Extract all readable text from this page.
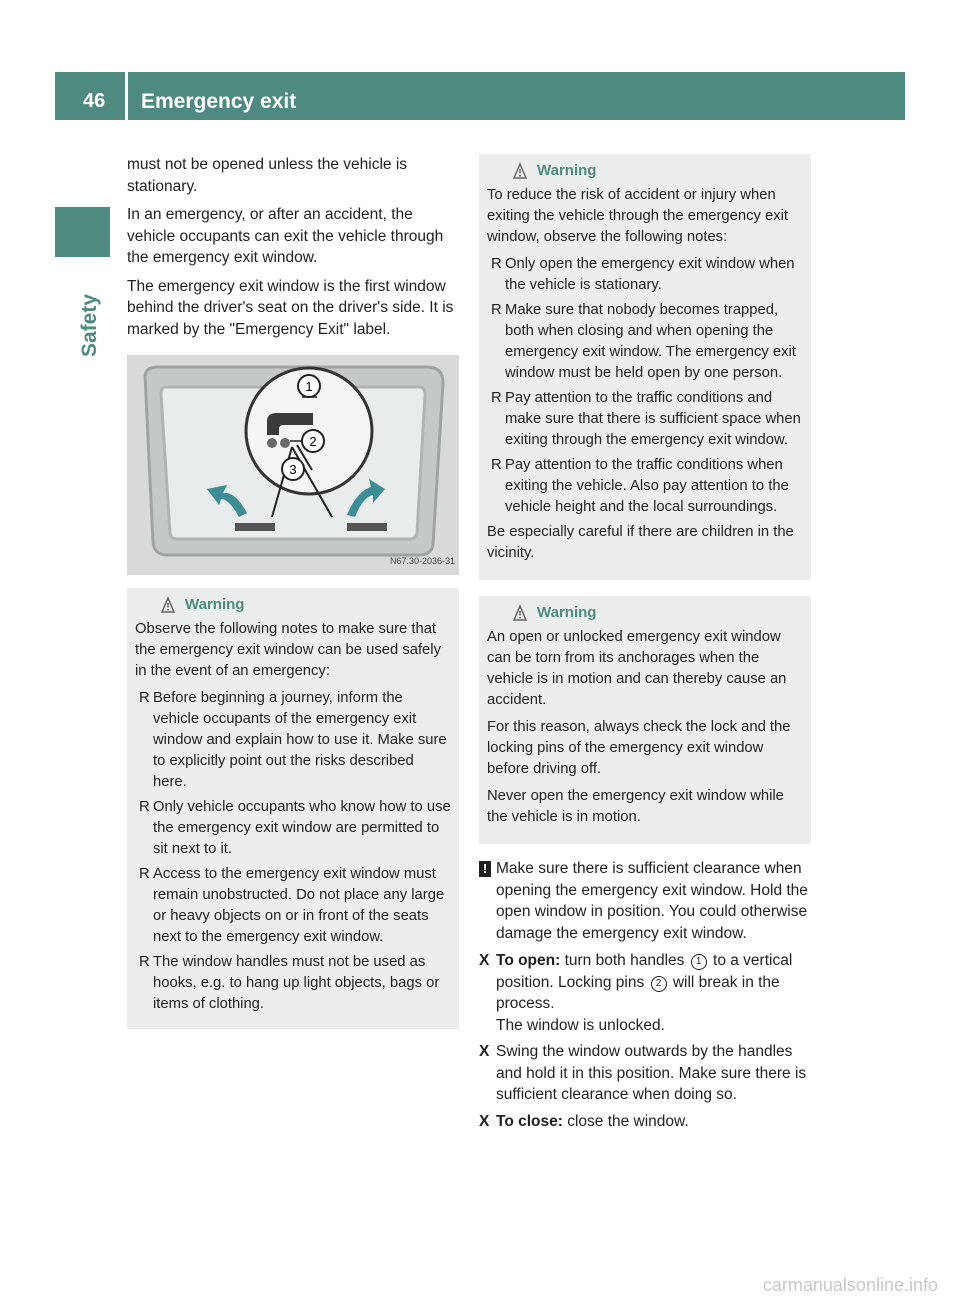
46 Emergency exit
Safety

must not be opened unless the vehicle is stationary.

In an emergency, or after an accident, the vehicle occupants can exit the vehicle through the emergency exit window.

The emergency exit window is the first window behind the driver's seat on the driver's side. It is marked by the "Emergency Exit" label.

1
2
3
N67.30-2036-31
Warning

Observe the following notes to make sure that the emergency exit window can be used safely in the event of an emergency:

R Before beginning a journey, inform the vehicle occupants of the emergency exit window and explain how to use it. Make sure to explicitly point out the risks described here.
R Only vehicle occupants who know how to use the emergency exit window are permitted to sit next to it.
R Access to the emergency exit window must remain unobstructed. Do not place any large or heavy objects on or in front of the seats next to the emergency exit window.
R The window handles must not be used as hooks, e.g. to hang up light objects, bags or items of clothing.
Warning

To reduce the risk of accident or injury when exiting the vehicle through the emergency exit window, observe the following notes:

R Only open the emergency exit window when the vehicle is stationary.
R Make sure that nobody becomes trapped, both when closing and when opening the emergency exit window. The emergency exit window must be held open by one person.
R Pay attention to the traffic conditions and make sure that there is sufficient space when exiting through the emergency exit window.
R Pay attention to the traffic conditions when exiting the vehicle. Also pay attention to the vehicle height and the local surroundings.

Be especially careful if there are children in the vicinity.

Warning

An open or unlocked emergency exit window can be torn from its anchorages when the vehicle is in motion and can thereby cause an accident.

For this reason, always check the lock and the locking pins of the emergency exit window before driving off.

Never open the emergency exit window while the vehicle is in motion.

! Make sure there is sufficient clearance when opening the emergency exit window. Hold the open window in position. You could otherwise damage the emergency exit window.
X To open: turn both handles 1 to a vertical position. Locking pins 2 will break in the process.
The window is unlocked.
X Swing the window outwards by the handles and hold it in this position. Make sure there is sufficient clearance when doing so.
X To close: close the window.
carmanualsonline.info
